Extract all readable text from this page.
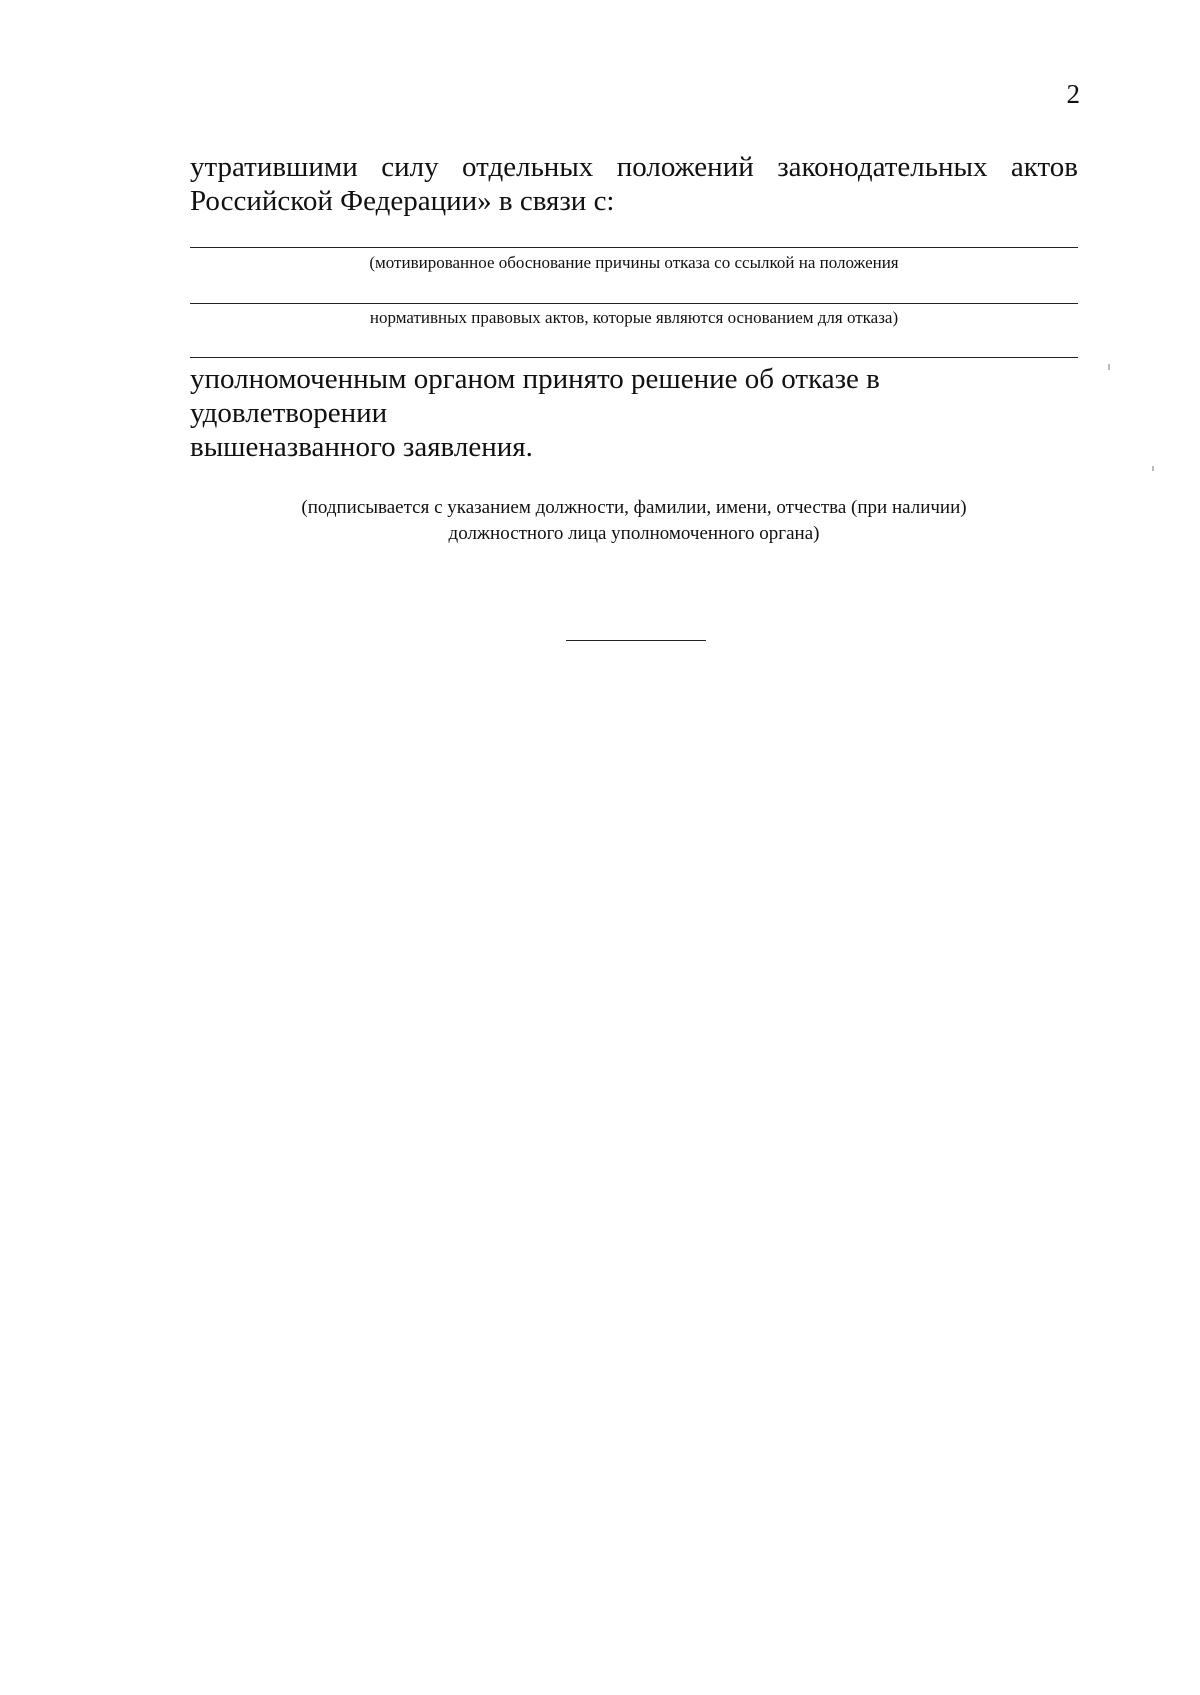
2
утратившими силу отдельных положений законодательных актов
Российской Федерации» в связи с:
(мотивированное обоснование причины отказа со ссылкой на положения
нормативных правовых актов, которые являются основанием для отказа)
уполномоченным органом принято решение об отказе в удовлетворении
вышеназванного заявления.
(подписывается с указанием должности, фамилии, имени, отчества (при наличии)
должностного лица уполномоченного органа)
